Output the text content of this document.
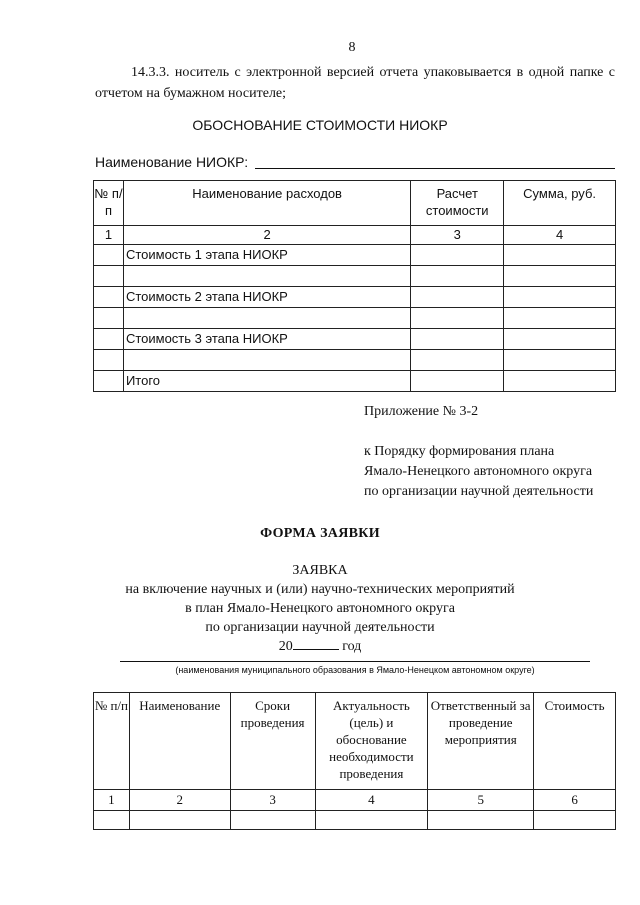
8
14.3.3. носитель с электронной версией отчета упаковывается в одной папке с отчетом на бумажном носителе;
ОБОСНОВАНИЕ СТОИМОСТИ НИОКР
Наименование НИОКР:
№ п/п	Наименование расходов	Расчет стоимости	Сумма, руб.
1	2	3	4
	Стоимость 1 этапа НИОКР		

	Стоимость 2 этапа НИОКР		

	Стоимость 3 этапа НИОКР		

	Итого		
Приложение № 3-2
к Порядку формирования плана
Ямало-Ненецкого автономного округа
по организации научной деятельности
ФОРМА ЗАЯВКИ
ЗАЯВКА
на включение научных и (или) научно-технических мероприятий
в план Ямало-Ненецкого автономного округа
по организации научной деятельности
20	год
(наименования муниципального образования в Ямало-Ненецком автономном округе)
№ п/п	Наименование	Сроки проведения	Актуальность (цель) и обоснование необходимости проведения	Ответственный за проведение мероприятия	Стоимость
1	2	3	4	5	6
